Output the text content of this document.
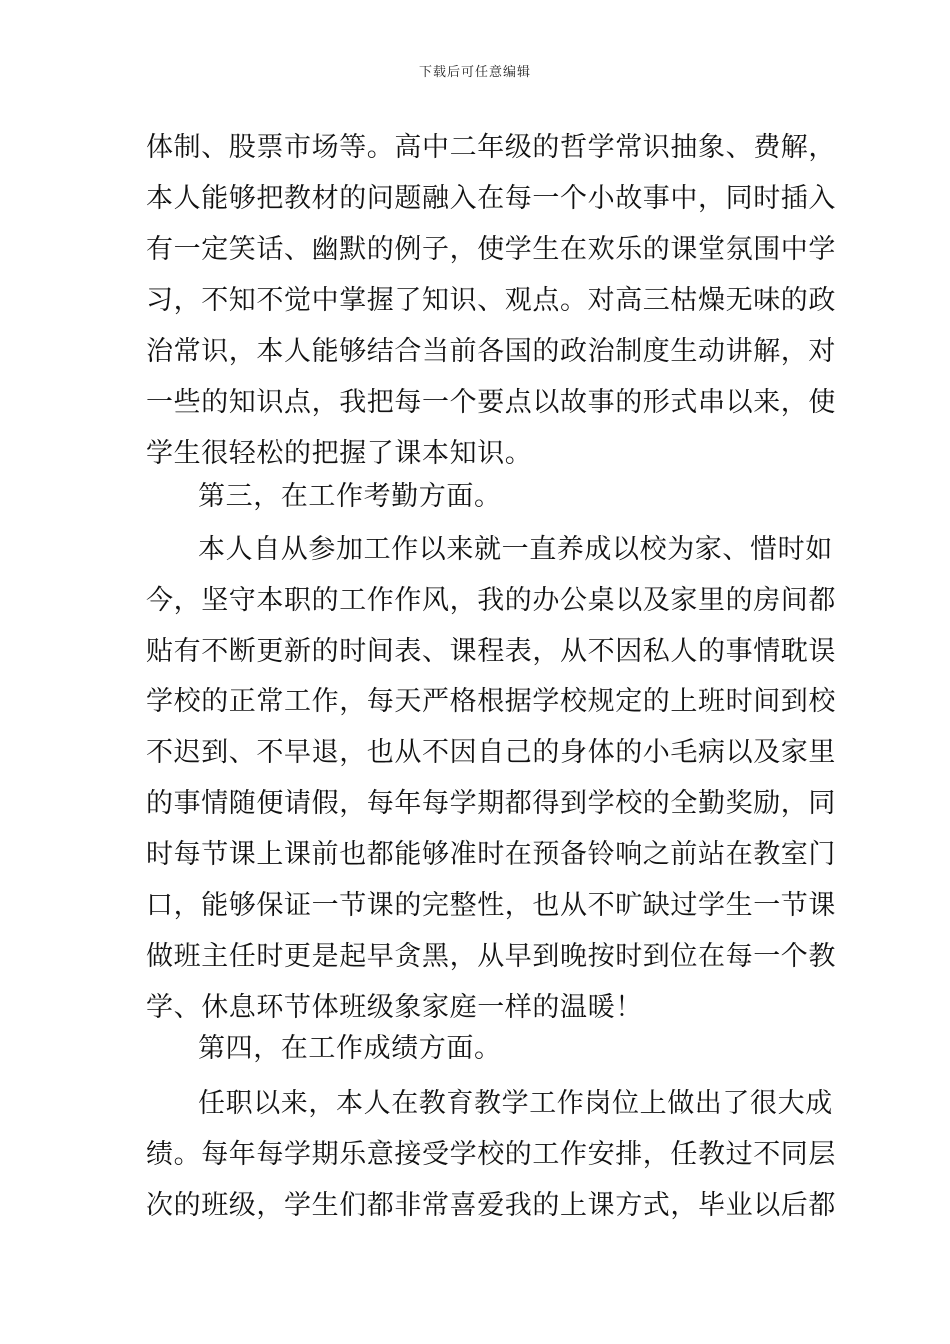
下载后可任意编辑
体制、股票市场等。高中二年级的哲学常识抽象、费解，
本人能够把教材的问题融入在每一个小故事中，同时插入
有一定笑话、幽默的例子，使学生在欢乐的课堂氛围中学
习，不知不觉中掌握了知识、观点。对高三枯燥无味的政
治常识，本人能够结合当前各国的政治制度生动讲解，对
一些的知识点，我把每一个要点以故事的形式串以来，使
学生很轻松的把握了课本知识。
第三，在工作考勤方面。
本人自从参加工作以来就一直养成以校为家、惜时如
今，坚守本职的工作作风，我的办公桌以及家里的房间都
贴有不断更新的时间表、课程表，从不因私人的事情耽误
学校的正常工作，每天严格根据学校规定的上班时间到校
不迟到、不早退，也从不因自己的身体的小毛病以及家里
的事情随便请假，每年每学期都得到学校的全勤奖励，同
时每节课上课前也都能够准时在预备铃响之前站在教室门
口，能够保证一节课的完整性，也从不旷缺过学生一节课
做班主任时更是起早贪黑，从早到晚按时到位在每一个教
学、休息环节体班级象家庭一样的温暖！
第四，在工作成绩方面。
任职以来，本人在教育教学工作岗位上做出了很大成
绩。每年每学期乐意接受学校的工作安排，任教过不同层
次的班级，学生们都非常喜爱我的上课方式，毕业以后都
